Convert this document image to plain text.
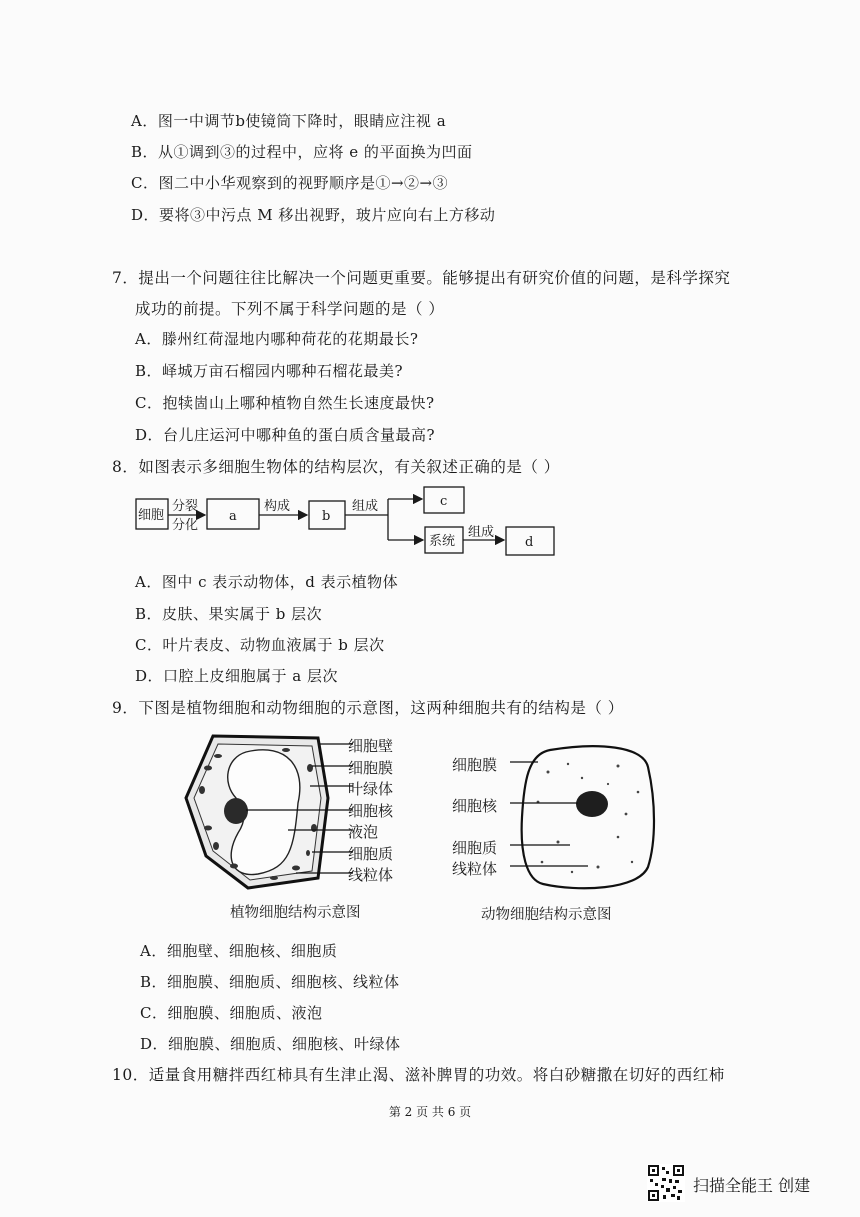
A．图一中调节b使镜筒下降时，眼睛应注视 a
B．从①调到③的过程中，应将 e 的平面换为凹面
C．图二中小华观察到的视野顺序是①→②→③
D．要将③中污点 M 移出视野，玻片应向右上方移动
7．提出一个问题往往比解决一个问题更重要。能够提出有研究价值的问题，是科学探究
成功的前提。下列不属于科学问题的是（ ）
A．滕州红荷湿地内哪种荷花的花期最长?
B．峄城万亩石榴园内哪种石榴花最美?
C．抱犊崮山上哪种植物自然生长速度最快?
D．台儿庄运河中哪种鱼的蛋白质含量最高?
8．如图表示多细胞生物体的结构层次，有关叙述正确的是（ ）
细胞
分裂
分化
a
构成
b
组成	c
系统
组成
d
A．图中 c 表示动物体，d 表示植物体
B．皮肤、果实属于 b 层次
C．叶片表皮、动物血液属于 b 层次
D．口腔上皮细胞属于 a 层次
9．下图是植物细胞和动物细胞的示意图，这两种细胞共有的结构是（ ）
细胞壁
细胞膜
叶绿体
细胞核
液泡
细胞质
线粒体
植物细胞结构示意图
细胞膜
细胞核
细胞质
线粒体
动物细胞结构示意图
A．细胞壁、细胞核、细胞质
B．细胞膜、细胞质、细胞核、线粒体
C．细胞膜、细胞质、液泡
D．细胞膜、细胞质、细胞核、叶绿体
10．适量食用糖拌西红柿具有生津止渴、滋补脾胃的功效。将白砂糖撒在切好的西红柿
第 2 页 共 6 页
扫描全能王 创建
